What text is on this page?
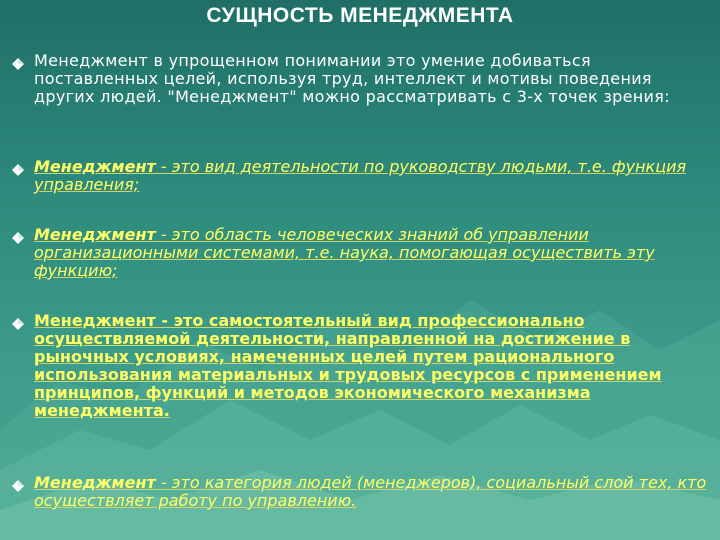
СУЩНОСТЬ МЕНЕДЖМЕНТА
Менеджмент в упрощенном понимании это умение добиваться поставленных целей, используя труд, интеллект и мотивы поведения других людей. "Менеджмент" можно рассматривать с 3-х точек зрения:
Менеджмент - это вид деятельности по руководству людьми, т.е. функция управления;
Менеджмент - это область человеческих знаний об управлении организационными системами, т.е. наука, помогающая осуществить эту функцию;
Менеджмент - это самостоятельный вид профессионально осуществляемой деятельности, направленной на достижение в рыночных условиях, намеченных целей путем рационального использования материальных и трудовых ресурсов с применением принципов, функций и методов экономического механизма менеджмента.
Менеджмент - это категория людей (менеджеров), социальный слой тех, кто осуществляет работу по управлению.
